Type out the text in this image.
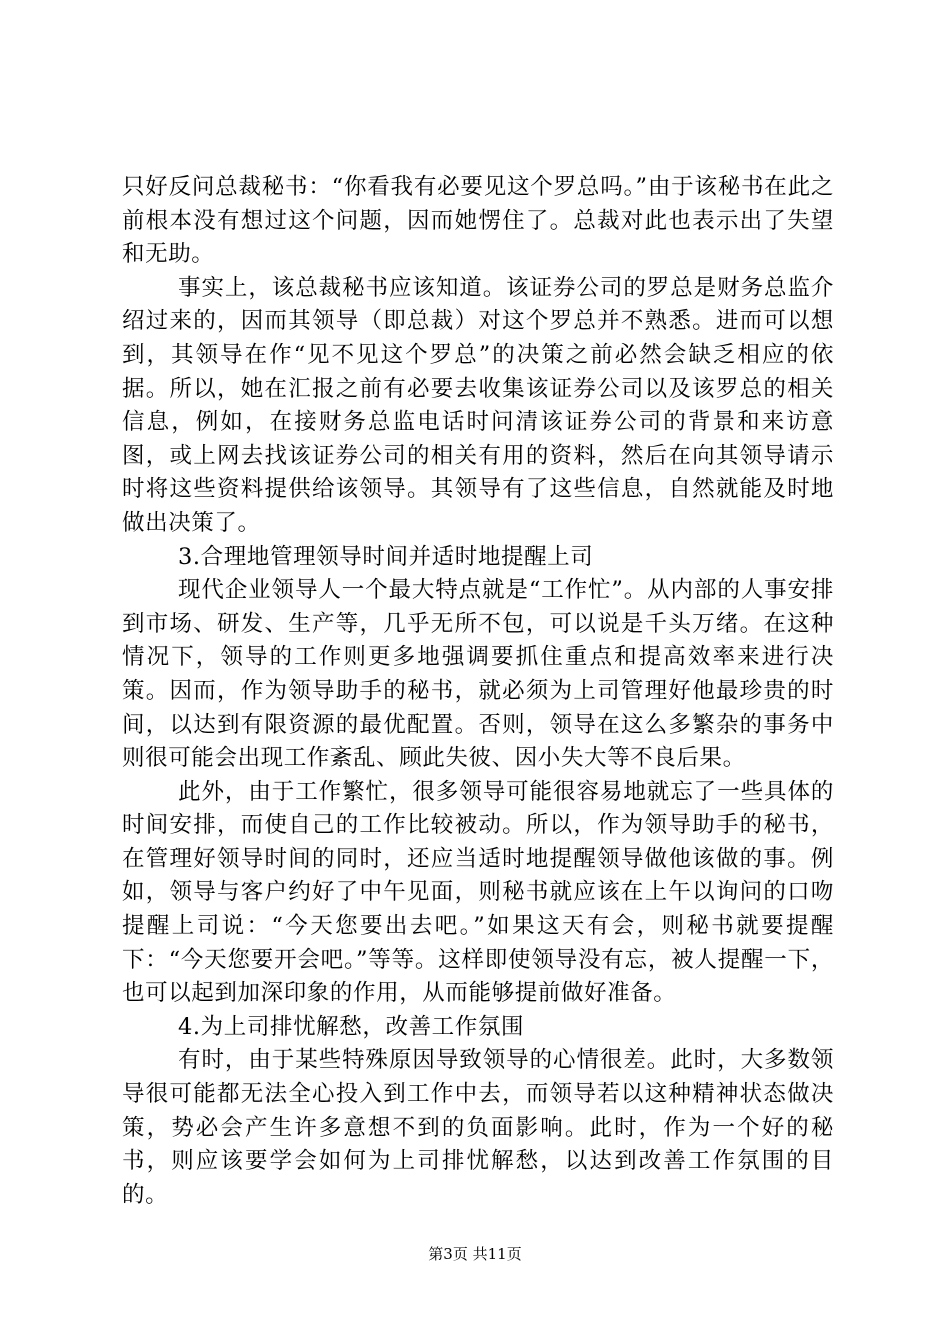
只好反问总裁秘书：“你看我有必要见这个罗总吗。”由于该秘书在此之前根本没有想过这个问题，因而她愣住了。总裁对此也表示出了失望和无助。

事实上，该总裁秘书应该知道。该证券公司的罗总是财务总监介绍过来的，因而其领导（即总裁）对这个罗总并不熟悉。进而可以想到，其领导在作“见不见这个罗总”的决策之前必然会缺乏相应的依据。所以，她在汇报之前有必要去收集该证券公司以及该罗总的相关信息，例如，在接财务总监电话时问清该证券公司的背景和来访意图，或上网去找该证券公司的相关有用的资料，然后在向其领导请示时将这些资料提供给该领导。其领导有了这些信息，自然就能及时地做出决策了。

3.合理地管理领导时间并适时地提醒上司

现代企业领导人一个最大特点就是“工作忙”。从内部的人事安排到市场、研发、生产等，几乎无所不包，可以说是千头万绪。在这种情况下，领导的工作则更多地强调要抓住重点和提高效率来进行决策。因而，作为领导助手的秘书，就必须为上司管理好他最珍贵的时间，以达到有限资源的最优配置。否则，领导在这么多繁杂的事务中则很可能会出现工作紊乱、顾此失彼、因小失大等不良后果。

此外，由于工作繁忙，很多领导可能很容易地就忘了一些具体的时间安排，而使自己的工作比较被动。所以，作为领导助手的秘书，在管理好领导时间的同时，还应当适时地提醒领导做他该做的事。例如，领导与客户约好了中午见面，则秘书就应该在上午以询问的口吻提醒上司说：“今天您要出去吧。”如果这天有会，则秘书就要提醒下：“今天您要开会吧。”等等。这样即使领导没有忘，被人提醒一下，也可以起到加深印象的作用，从而能够提前做好准备。

4.为上司排忧解愁，改善工作氛围

有时，由于某些特殊原因导致领导的心情很差。此时，大多数领导很可能都无法全心投入到工作中去，而领导若以这种精神状态做决策，势必会产生许多意想不到的负面影响。此时，作为一个好的秘书，则应该要学会如何为上司排忧解愁，以达到改善工作氛围的目的。

第3页 共11页
